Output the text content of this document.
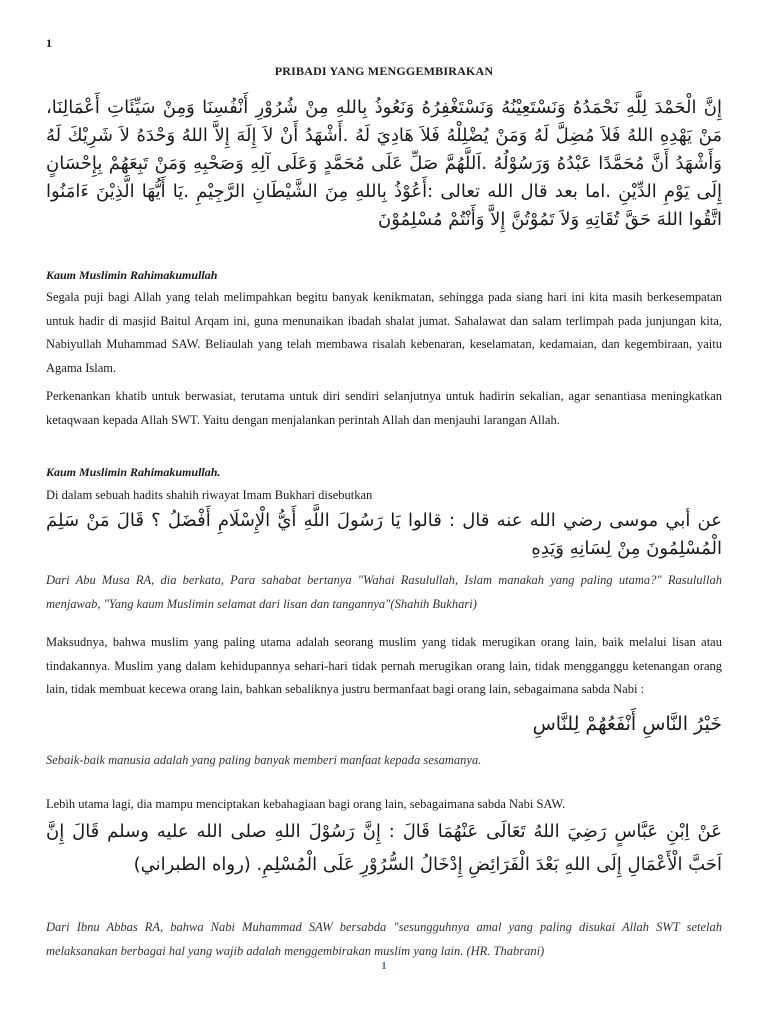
1
PRIBADI YANG MENGGEMBIRAKAN

إِنَّ الْحَمْدَ لِلَّهِ نَحْمَدُهُ وَنَسْتَعِيْنُهُ وَنَسْتَغْفِرُهُ وَنَعُوذُ بِاللهِ مِنْ شُرُوْرِ أَنْفُسِنَا وَمِنْ سَيِّئَاتِ أَعْمَالِنَا، مَنْ يَهْدِهِ اللهُ فَلاَ مُضِلَّ لَهُ وَمَنْ يُضْلِلْهُ فَلاَ هَادِيَ لَهُ .أَشْهَدُ أَنْ لاَ إِلَهَ إِلاَّ اللهُ وَحْدَهُ لاَ شَرِيْكَ لَهُ وَأَشْهَدُ أَنَّ مُحَمَّدًا عَبْدُهُ وَرَسُوْلُهُ .اَللَّهُمَّ صَلِّ عَلَى مُحَمَّدٍ وَعَلَى آلِهِ وَصَحْبِهِ وَمَنْ تَبِعَهُمْ بِإِحْسَانٍ إِلَى يَوْمِ الدِّيْنِ .اما بعد قال الله تعالى :أَعُوْذُ بِاللهِ مِنَ الشَّيْطَانِ الرَّجِيْمِ .يَا أَيُّهَا الَّذِيْنَ ءَامَنُوا اتَّقُوا اللهَ حَقَّ تُقَاتِهِ وَلاَ تَمُوْتُنَّ إِلاَّ وَأَنْتُمْ مُسْلِمُوْنَ

Kaum Muslimin Rahimakumullah

Segala puji bagi Allah yang telah melimpahkan begitu banyak kenikmatan, sehingga pada siang hari ini kita masih berkesempatan untuk hadir di masjid Baitul Arqam ini, guna menunaikan ibadah shalat jumat. Sahalawat dan salam terlimpah pada junjungan kita, Nabiyullah Muhammad SAW. Beliaulah yang telah membawa risalah kebenaran, keselamatan, kedamaian, dan kegembiraan, yaitu Agama Islam.

Perkenankan khatib untuk berwasiat, terutama untuk diri sendiri selanjutnya untuk hadirin sekalian, agar senantiasa meningkatkan ketaqwaan kepada Allah SWT. Yaitu dengan menjalankan perintah Allah dan menjauhi larangan Allah.

Kaum Muslimin Rahimakumullah.

Di dalam sebuah hadits shahih riwayat Imam Bukhari disebutkan

عن أبي موسى رضي الله عنه قال : قالوا يَا رَسُولَ اللَّهِ أَيُّ الْإِسْلَامِ أَفْضَلُ ؟ قَالَ مَنْ سَلِمَ الْمُسْلِمُونَ مِنْ لِسَانِهِ وَيَدِهِ

Dari Abu Musa RA, dia berkata, Para sahabat bertanya "Wahai Rasulullah, Islam manakah yang paling utama?" Rasulullah menjawab, "Yang kaum Muslimin selamat dari lisan dan tangannya"(Shahih Bukhari)

Maksudnya, bahwa muslim yang paling utama adalah seorang muslim yang tidak merugikan orang lain, baik melalui lisan atau tindakannya. Muslim yang dalam kehidupannya sehari-hari tidak pernah merugikan orang lain, tidak mengganggu ketenangan orang lain, tidak membuat kecewa orang lain, bahkan sebaliknya justru bermanfaat bagi orang lain, sebagaimana sabda Nabi :

خَيْرُ النَّاسِ أَنْفَعُهُمْ لِلنَّاسِ

Sebaik-baik manusia adalah yang paling banyak memberi manfaat kepada sesamanya.

Lebih utama lagi, dia mampu menciptakan kebahagiaan bagi orang lain, sebagaimana sabda Nabi SAW.

عَنْ اِبْنِ عَبَّاسٍ رَضِيَ اللهُ تَعَالَى عَنْهُمَا قَالَ : إِنَّ رَسُوْلَ اللهِ صلى الله عليه وسلم قَالَ إِنَّ اَحَبَّ الْأَعْمَالِ إِلَى اللهِ بَعْدَ الْفَرَائِضِ إِدْخَالُ السُّرُوْرِ عَلَى الْمُسْلِمِ. (رواه الطبراني)

Dari Ibnu Abbas RA, bahwa Nabi Muhammad SAW bersabda "sesungguhnya amal yang paling disukai Allah SWT setelah melaksanakan berbagai hal yang wajib adalah menggembirakan muslim yang lain. (HR. Thabrani)

1
